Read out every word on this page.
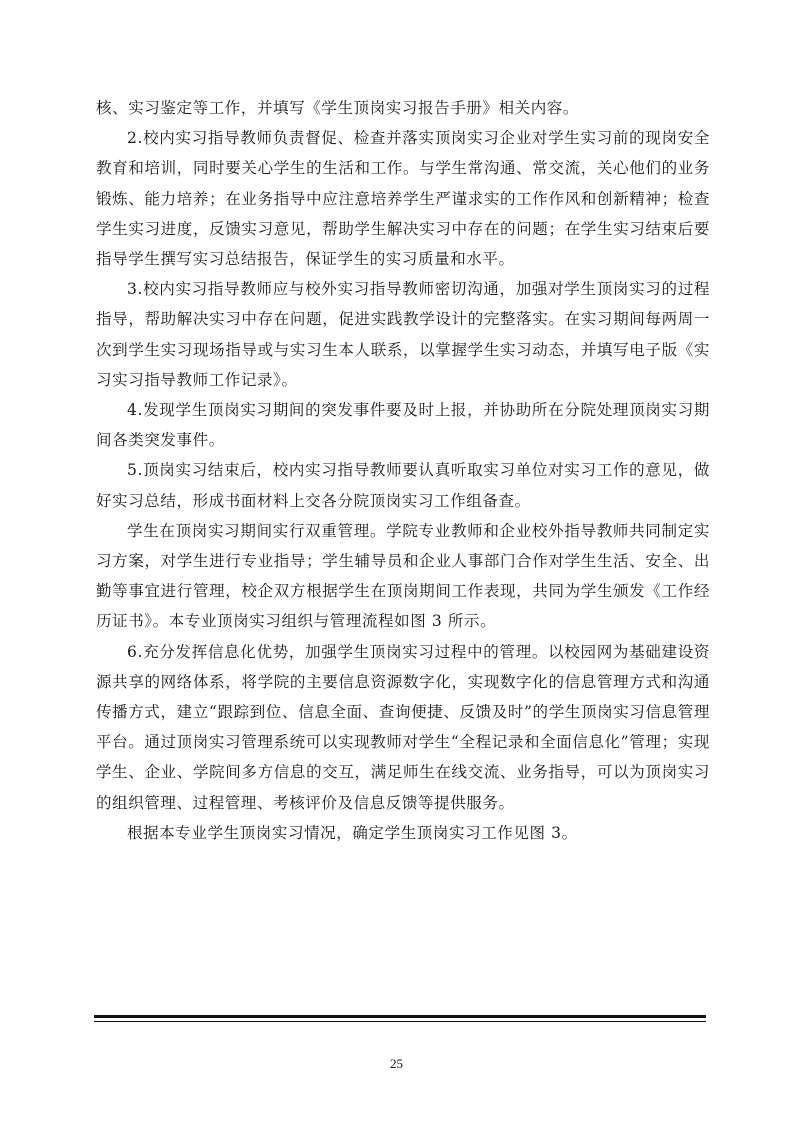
核、实习鉴定等工作，并填写《学生顶岗实习报告手册》相关内容。

2.校内实习指导教师负责督促、检查并落实顶岗实习企业对学生实习前的现岗安全教育和培训，同时要关心学生的生活和工作。与学生常沟通、常交流，关心他们的业务锻炼、能力培养；在业务指导中应注意培养学生严谨求实的工作作风和创新精神；检查学生实习进度，反馈实习意见，帮助学生解决实习中存在的问题；在学生实习结束后要指导学生撰写实习总结报告，保证学生的实习质量和水平。

3.校内实习指导教师应与校外实习指导教师密切沟通，加强对学生顶岗实习的过程指导，帮助解决实习中存在问题，促进实践教学设计的完整落实。在实习期间每两周一次到学生实习现场指导或与实习生本人联系，以掌握学生实习动态，并填写电子版《实习实习指导教师工作记录》。

4.发现学生顶岗实习期间的突发事件要及时上报，并协助所在分院处理顶岗实习期间各类突发事件。

5.顶岗实习结束后，校内实习指导教师要认真听取实习单位对实习工作的意见，做好实习总结，形成书面材料上交各分院顶岗实习工作组备查。

学生在顶岗实习期间实行双重管理。学院专业教师和企业校外指导教师共同制定实习方案，对学生进行专业指导；学生辅导员和企业人事部门合作对学生生活、安全、出勤等事宜进行管理，校企双方根据学生在顶岗期间工作表现，共同为学生颁发《工作经历证书》。本专业顶岗实习组织与管理流程如图 3 所示。

6.充分发挥信息化优势，加强学生顶岗实习过程中的管理。以校园网为基础建设资源共享的网络体系，将学院的主要信息资源数字化，实现数字化的信息管理方式和沟通传播方式，建立“跟踪到位、信息全面、查询便捷、反馈及时”的学生顶岗实习信息管理平台。通过顶岗实习管理系统可以实现教师对学生“全程记录和全面信息化”管理；实现学生、企业、学院间多方信息的交互，满足师生在线交流、业务指导，可以为顶岗实习的组织管理、过程管理、考核评价及信息反馈等提供服务。

根据本专业学生顶岗实习情况，确定学生顶岗实习工作见图 3。

25
